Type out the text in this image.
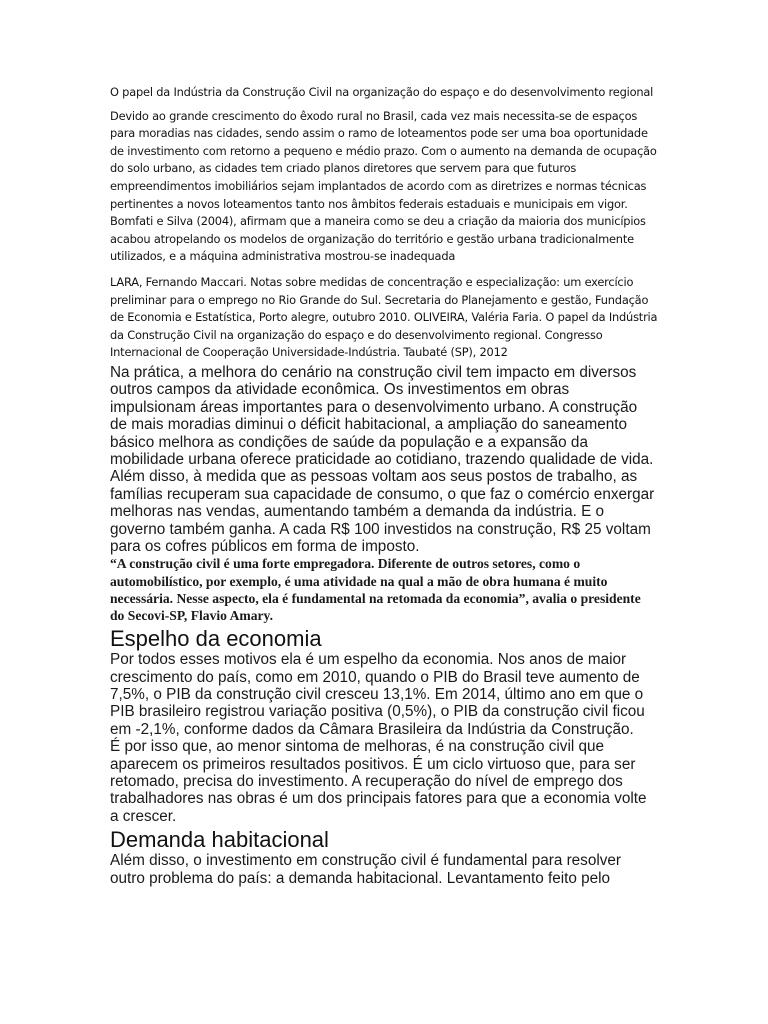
O papel da Indústria da Construção Civil na organização do espaço e do desenvolvimento regional

Devido ao grande crescimento do êxodo rural no Brasil, cada vez mais necessita-se de espaços para moradias nas cidades, sendo assim o ramo de loteamentos pode ser uma boa oportunidade de investimento com retorno a pequeno e médio prazo. Com o aumento na demanda de ocupação do solo urbano, as cidades tem criado planos diretores que servem para que futuros empreendimentos imobiliários sejam implantados de acordo com as diretrizes e normas técnicas pertinentes a novos loteamentos tanto nos âmbitos federais estaduais e municipais em vigor. Bomfati e Silva (2004), afirmam que a maneira como se deu a criação da maioria dos municípios acabou atropelando os modelos de organização do território e gestão urbana tradicionalmente utilizados, e a máquina administrativa mostrou-se inadequada

LARA, Fernando Maccari. Notas sobre medidas de concentração e especialização: um exercício preliminar para o emprego no Rio Grande do Sul. Secretaria do Planejamento e gestão, Fundação de Economia e Estatística, Porto alegre, outubro 2010. OLIVEIRA, Valéria Faria. O papel da Indústria da Construção Civil na organização do espaço e do desenvolvimento regional. Congresso Internacional de Cooperação Universidade-Indústria. Taubaté (SP), 2012

Na prática, a melhora do cenário na construção civil tem impacto em diversos outros campos da atividade econômica. Os investimentos em obras impulsionam áreas importantes para o desenvolvimento urbano. A construção de mais moradias diminui o déficit habitacional, a ampliação do saneamento básico melhora as condições de saúde da população e a expansão da mobilidade urbana oferece praticidade ao cotidiano, trazendo qualidade de vida.

Além disso, à medida que as pessoas voltam aos seus postos de trabalho, as famílias recuperam sua capacidade de consumo, o que faz o comércio enxergar melhoras nas vendas, aumentando também a demanda da indústria. E o governo também ganha. A cada R$ 100 investidos na construção, R$ 25 voltam para os cofres públicos em forma de imposto.

“A construção civil é uma forte empregadora. Diferente de outros setores, como o automobilístico, por exemplo, é uma atividade na qual a mão de obra humana é muito necessária. Nesse aspecto, ela é fundamental na retomada da economia”, avalia o presidente do Secovi-SP, Flavio Amary.

Espelho da economia

Por todos esses motivos ela é um espelho da economia. Nos anos de maior crescimento do país, como em 2010, quando o PIB do Brasil teve aumento de 7,5%, o PIB da construção civil cresceu 13,1%. Em 2014, último ano em que o PIB brasileiro registrou variação positiva (0,5%), o PIB da construção civil ficou em -2,1%, conforme dados da Câmara Brasileira da Indústria da Construção.

É por isso que, ao menor sintoma de melhoras, é na construção civil que aparecem os primeiros resultados positivos. É um ciclo virtuoso que, para ser retomado, precisa do investimento. A recuperação do nível de emprego dos trabalhadores nas obras é um dos principais fatores para que a economia volte a crescer.

Demanda habitacional

Além disso, o investimento em construção civil é fundamental para resolver outro problema do país: a demanda habitacional. Levantamento feito pelo
